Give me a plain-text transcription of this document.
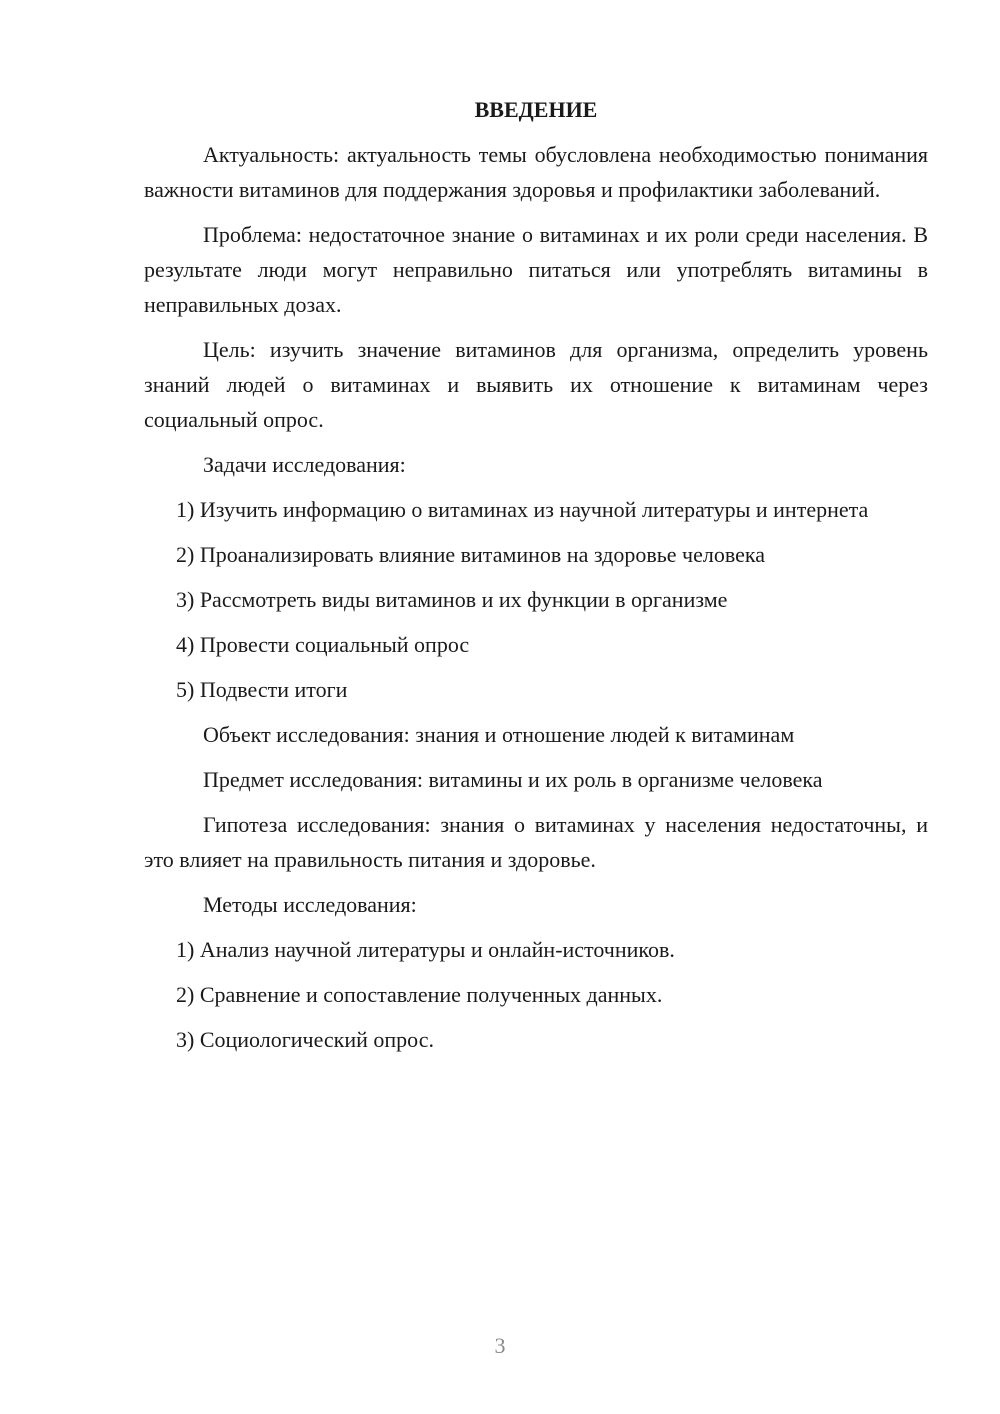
ВВЕДЕНИЕ
Актуальность: актуальность темы обусловлена необходимостью понимания важности витаминов для поддержания здоровья и профилактики заболеваний.
Проблема: недостаточное знание о витаминах и их роли среди населения. В результате люди могут неправильно питаться или употреблять витамины в неправильных дозах.
Цель: изучить значение витаминов для организма, определить уровень знаний людей о витаминах и выявить их отношение к витаминам через социальный опрос.
Задачи исследования:
1) Изучить информацию о витаминах из научной литературы и интернета
2) Проанализировать влияние витаминов на здоровье человека
3) Рассмотреть виды витаминов и их функции в организме
4) Провести социальный опрос
5) Подвести итоги
Объект исследования: знания и отношение людей к витаминам
Предмет исследования: витамины и их роль в организме человека
Гипотеза исследования: знания о витаминах у населения недостаточны, и это влияет на правильность питания и здоровье.
Методы исследования:
1) Анализ научной литературы и онлайн-источников.
2) Сравнение и сопоставление полученных данных.
3) Социологический опрос.
3
